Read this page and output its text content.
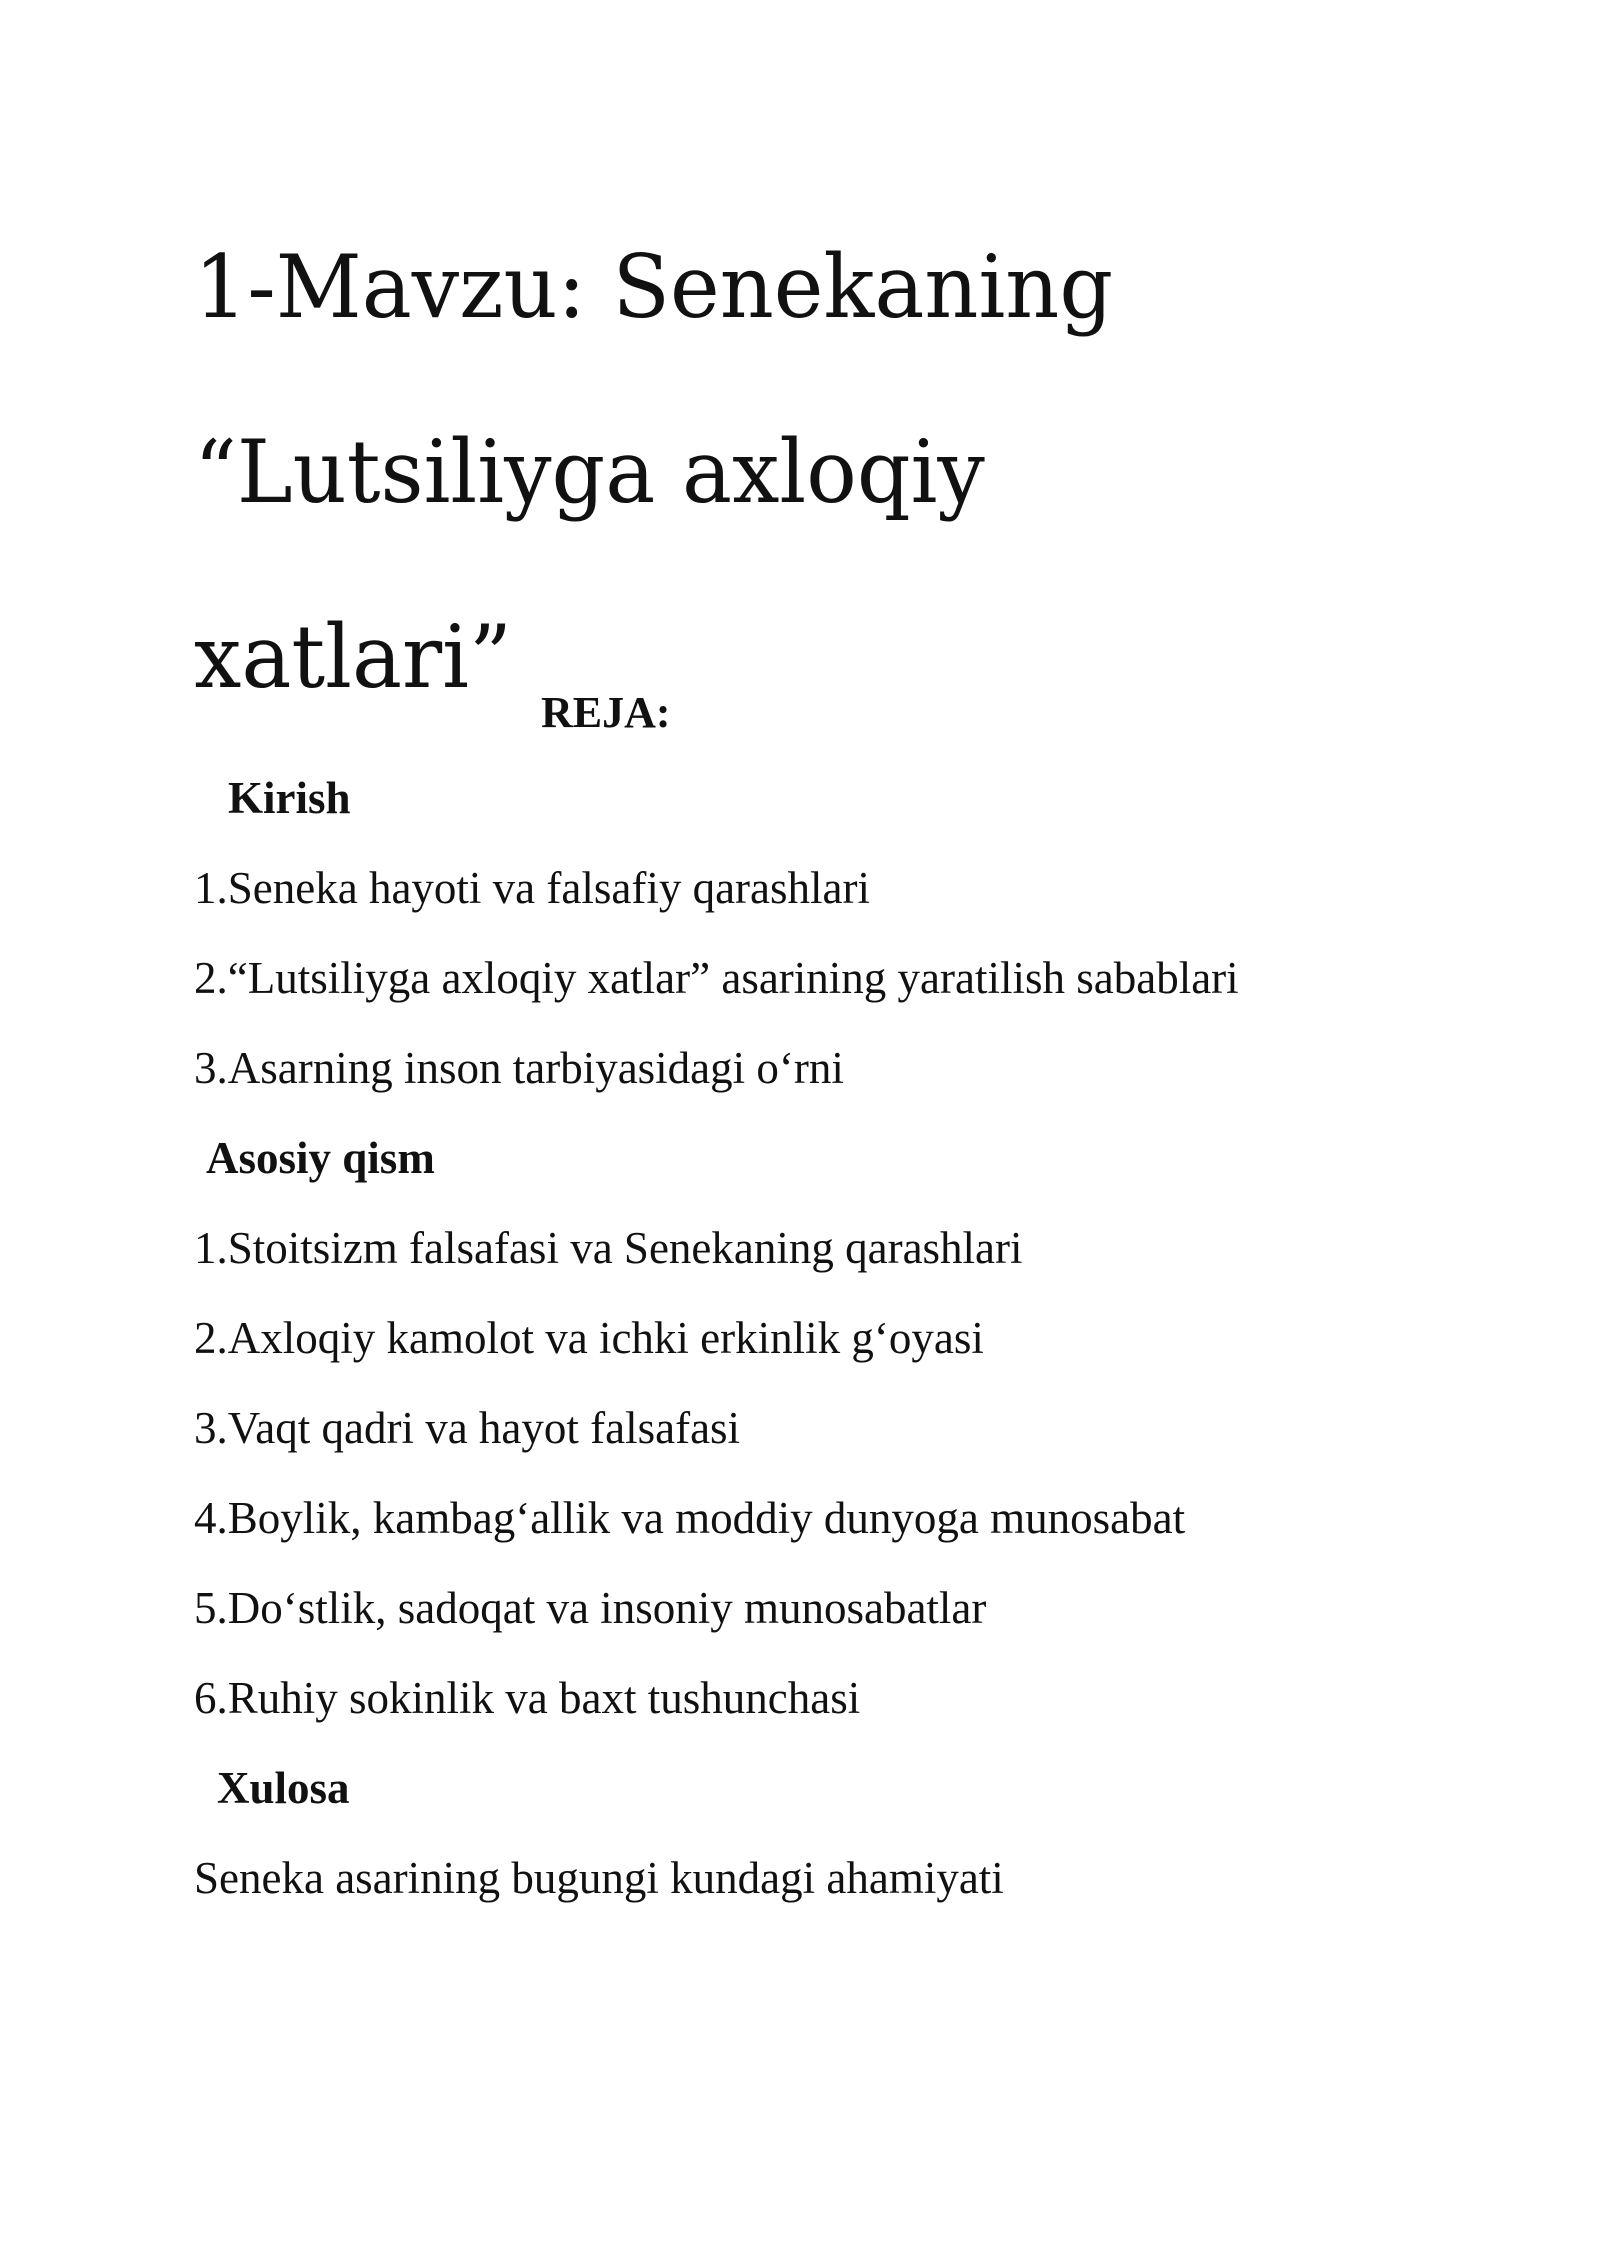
1-Mavzu: Senekaning
“Lutsiliyga axloqiy
xatlari”
REJA:
Kirish
1.Seneka hayoti va falsafiy qarashlari
2.“Lutsiliyga axloqiy xatlar” asarining yaratilish sabablari
3.Asarning inson tarbiyasidagi o‘rni
Asosiy qism
1.Stoitsizm falsafasi va Senekaning qarashlari
2.Axloqiy kamolot va ichki erkinlik g‘oyasi
3.Vaqt qadri va hayot falsafasi
4.Boylik, kambag‘allik va moddiy dunyoga munosabat
5.Do‘stlik, sadoqat va insoniy munosabatlar
6.Ruhiy sokinlik va baxt tushunchasi
Xulosa
Seneka asarining bugungi kundagi ahamiyati
